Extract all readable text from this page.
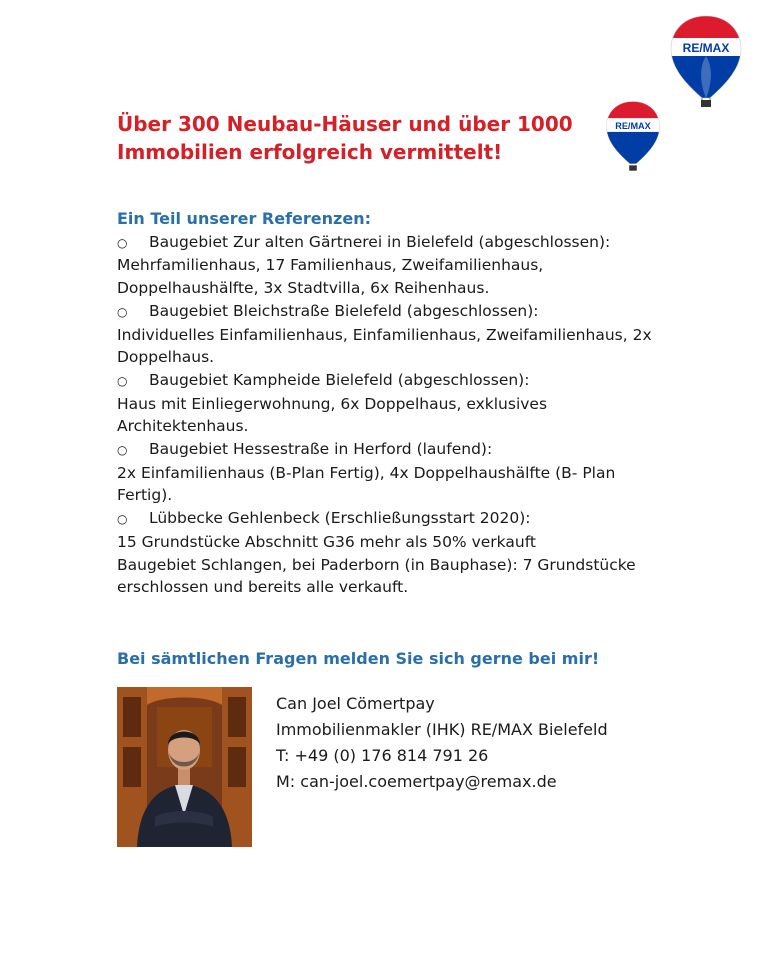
RE/MAX
RE/MAX
Über 300 Neubau-Häuser und über 1000
Immobilien erfolgreich vermittelt!
Ein Teil unserer Referenzen:
○ Baugebiet Zur alten Gärtnerei in Bielefeld (abgeschlossen):
Mehrfamilienhaus, 17 Familienhaus, Zweifamilienhaus, Doppelhaushälfte, 3x Stadtvilla, 6x Reihenhaus.
○ Baugebiet Bleichstraße Bielefeld (abgeschlossen):
Individuelles Einfamilienhaus, Einfamilienhaus, Zweifamilienhaus, 2x Doppelhaus.
○ Baugebiet Kampheide Bielefeld (abgeschlossen):
Haus mit Einliegerwohnung, 6x Doppelhaus, exklusives Architektenhaus.
○ Baugebiet Hessestraße in Herford (laufend):
2x Einfamilienhaus (B-Plan Fertig), 4x Doppelhaushälfte (B- Plan Fertig).
○ Lübbecke Gehlenbeck (Erschließungsstart 2020):
15 Grundstücke Abschnitt G36 mehr als 50% verkauft
Baugebiet Schlangen, bei Paderborn (in Bauphase): 7 Grundstücke erschlossen und bereits alle verkauft.
Bei sämtlichen Fragen melden Sie sich gerne bei mir!
Can Joel Cömertpay
Immobilienmakler (IHK) RE/MAX Bielefeld
T: +49 (0) 176 814 791 26
M: can-joel.coemertpay@remax.de
